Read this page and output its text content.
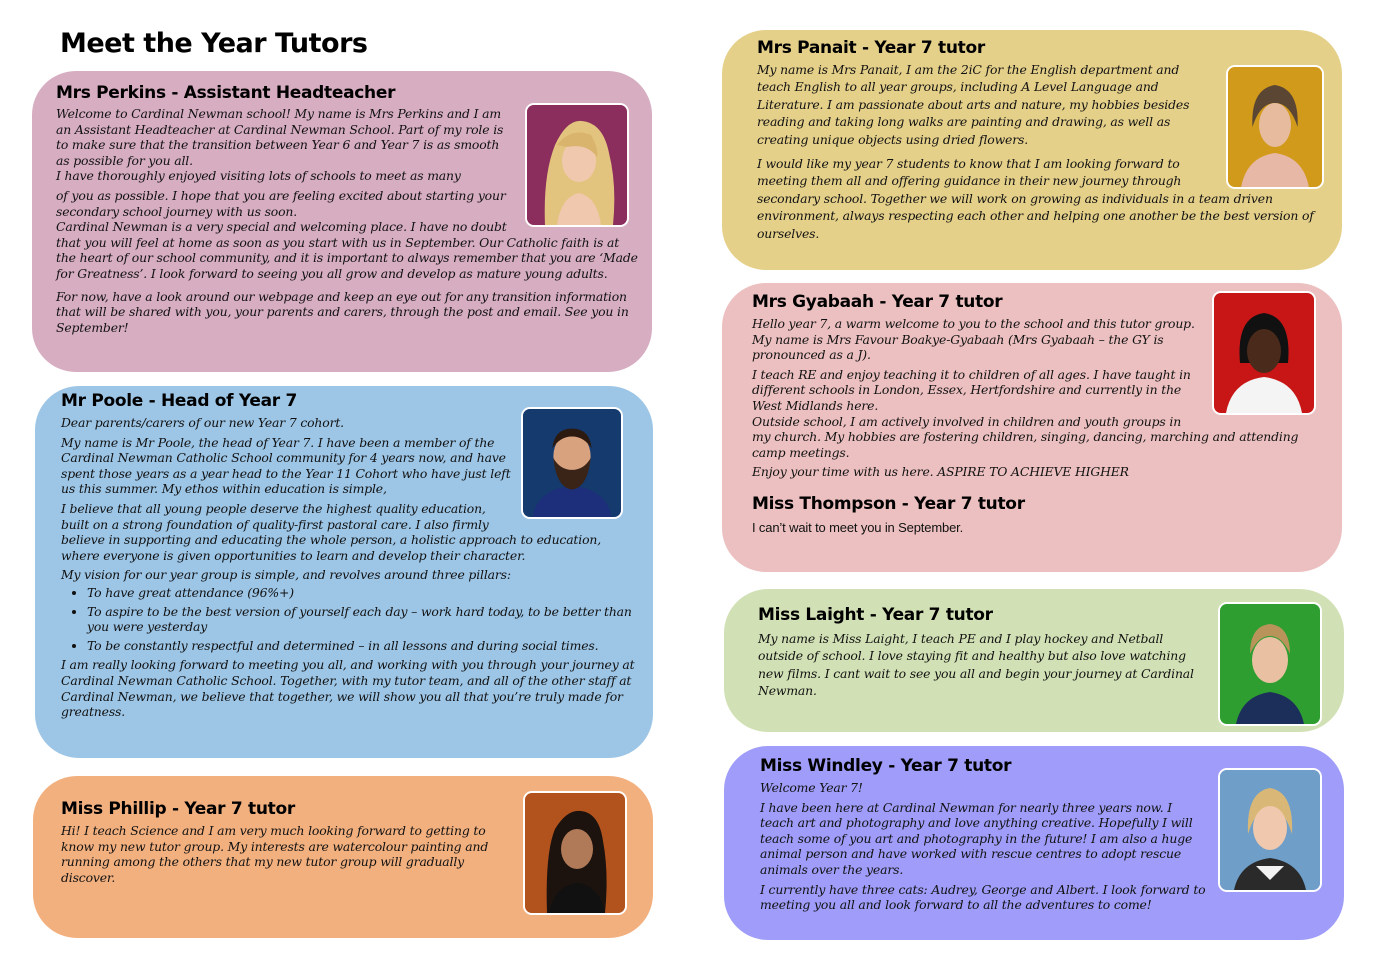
Meet the Year Tutors
Mrs Perkins - Assistant Headteacher

Welcome to Cardinal Newman school! My name is Mrs Perkins and I am an Assistant Headteacher at Cardinal Newman School. Part of my role is to make sure that the transition between Year 6 and Year 7 is as smooth as possible for you all.

I have thoroughly enjoyed visiting lots of schools to meet as many

of you as possible. I hope that you are feeling excited about starting your secondary school journey with us soon.

Cardinal Newman is a very special and welcoming place. I have no doubt that you will feel at home as soon as you start with us in September. Our Catholic faith is at the heart of our school community, and it is important to always remember that you are ‘Made for Greatness’. I look forward to seeing you all grow and develop as mature young adults.

For now, have a look around our webpage and keep an eye out for any transition information that will be shared with you, your parents and carers, through the post and email. See you in September!

Mr Poole - Head of Year 7

Dear parents/carers of our new Year 7 cohort.

My name is Mr Poole, the head of Year 7. I have been a member of the Cardinal Newman Catholic School community for 4 years now, and have spent those years as a year head to the Year 11 Cohort who have just left us this summer. My ethos within education is simple,

I believe that all young people deserve the highest quality education, built on a strong foundation of quality-first pastoral care. I also firmly believe in supporting and educating the whole person, a holistic approach to education, where everyone is given opportunities to learn and develop their character.

My vision for our year group is simple, and revolves around three pillars:

• To have great attendance (96%+)
• To aspire to be the best version of yourself each day – work hard today, to be better than you were yesterday
• To be constantly respectful and determined – in all lessons and during social times.

I am really looking forward to meeting you all, and working with you through your journey at Cardinal Newman Catholic School. Together, with my tutor team, and all of the other staff at Cardinal Newman, we believe that together, we will show you all that you’re truly made for greatness.

Miss Phillip - Year 7 tutor

Hi! I teach Science and I am very much looking forward to getting to know my new tutor group. My interests are watercolour painting and running among the others that my new tutor group will gradually discover.

Mrs Panait - Year 7 tutor

My name is Mrs Panait, I am the 2iC for the English department and teach English to all year groups, including A Level Language and Literature. I am passionate about arts and nature, my hobbies besides reading and taking long walks are painting and drawing, as well as creating unique objects using dried flowers.

I would like my year 7 students to know that I am looking forward to meeting them all and offering guidance in their new journey through secondary school. Together we will work on growing as individuals in a team driven environment, always respecting each other and helping one another be the best version of ourselves.

Mrs Gyabaah - Year 7 tutor

Hello year 7, a warm welcome to you to the school and this tutor group. My name is Mrs Favour Boakye-Gyabaah (Mrs Gyabaah – the GY is pronounced as a J).

I teach RE and enjoy teaching it to children of all ages. I have taught in different schools in London, Essex, Hertfordshire and currently in the West Midlands here.

Outside school, I am actively involved in children and youth groups in my church. My hobbies are fostering children, singing, dancing, marching and attending camp meetings.

Enjoy your time with us here. ASPIRE TO ACHIEVE HIGHER

Miss Thompson - Year 7 tutor

I can’t wait to meet you in September.

Miss Laight - Year 7 tutor

My name is Miss Laight, I teach PE and I play hockey and Netball outside of school. I love staying fit and healthy but also love watching new films. I cant wait to see you all and begin your journey at Cardinal Newman.

Miss Windley - Year 7 tutor

Welcome Year 7!

I have been here at Cardinal Newman for nearly three years now. I teach art and photography and love anything creative. Hopefully I will teach some of you art and photography in the future! I am also a huge animal person and have worked with rescue centres to adopt rescue animals over the years.

I currently have three cats: Audrey, George and Albert. I look forward to meeting you all and look forward to all the adventures to come!
